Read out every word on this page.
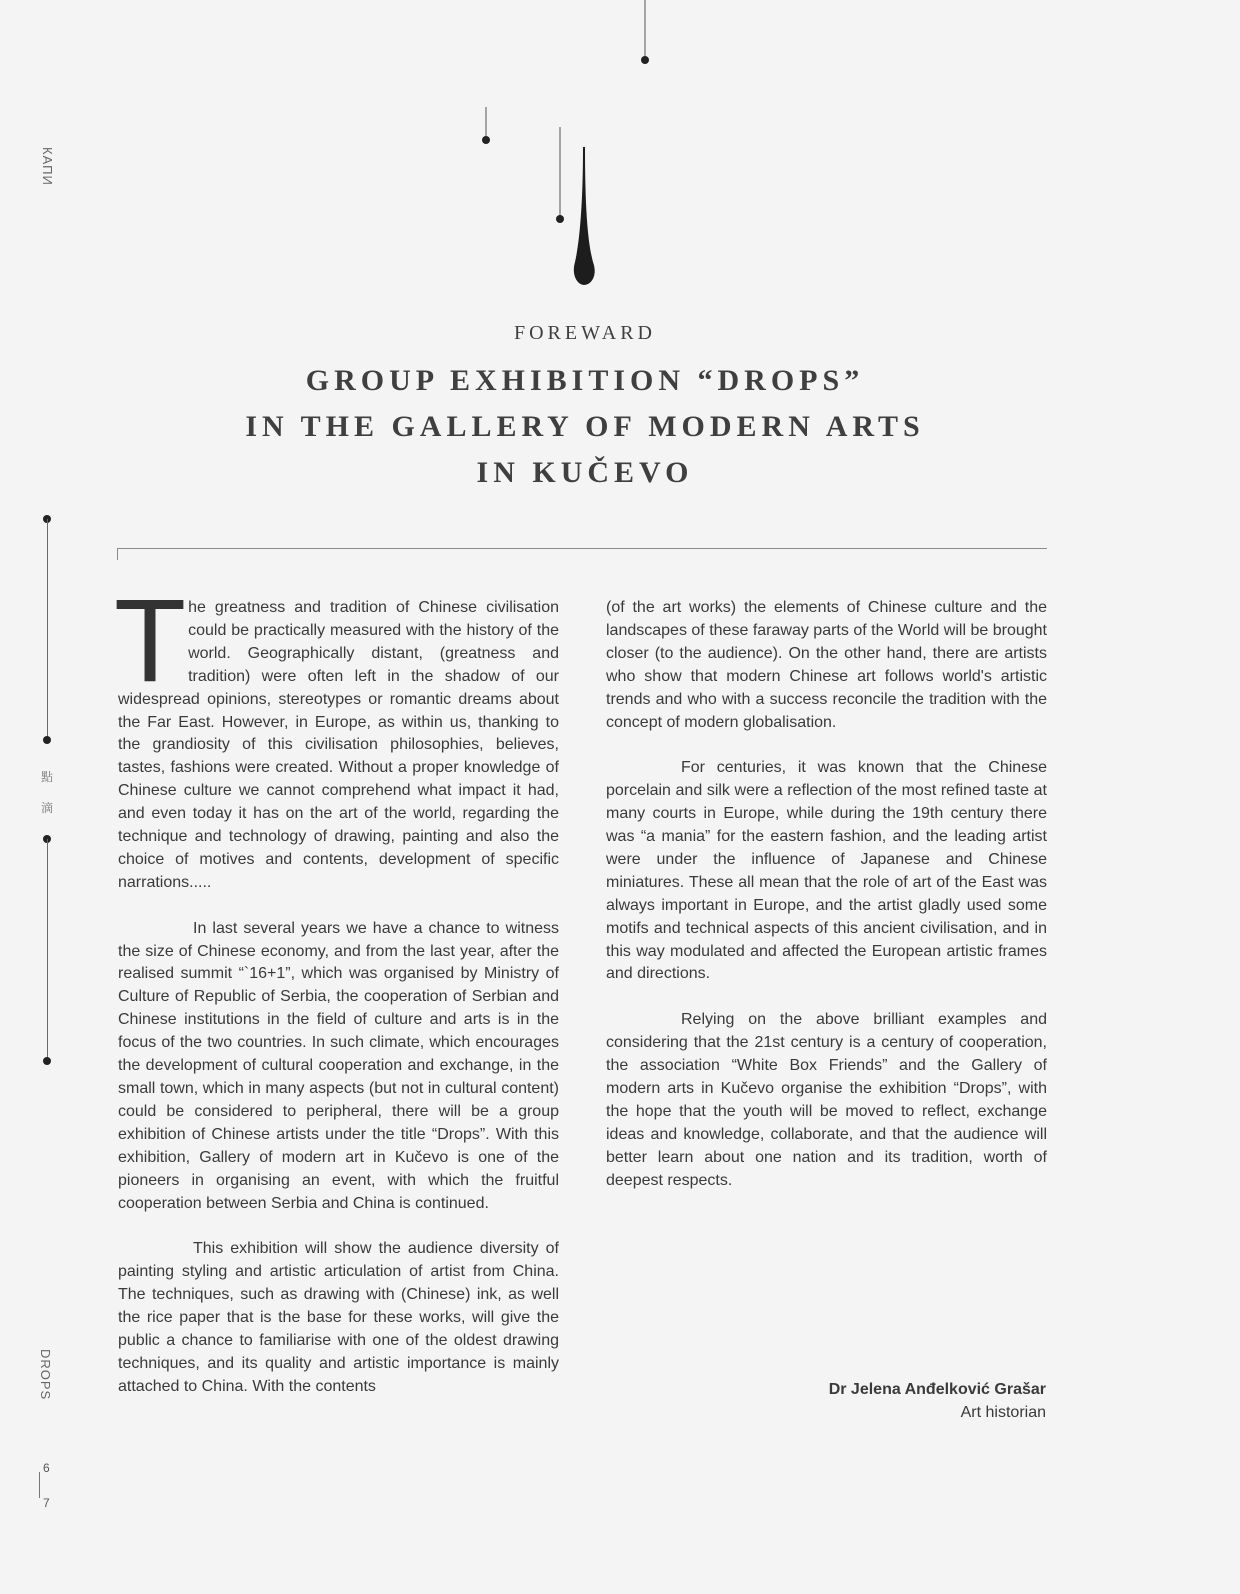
КАПИ
點
滴
DROPS
6
7
FOREWARD
GROUP EXHIBITION “DROPS”
IN THE GALLERY OF MODERN ARTS
IN KUČEVO

The greatness and tradition of Chinese civilisation could be practically measured with the history of the world. Geographically distant, (greatness and tradition) were often left in the shadow of our widespread opinions, stereotypes or romantic dreams about the Far East. However, in Europe, as within us, thanking to the grandiosity of this civilisation philosophies, believes, tastes, fashions were created. Without a proper knowledge of Chinese culture we cannot comprehend what impact it had, and even today it has on the art of the world, regarding the technique and technology of drawing, painting and also the choice of motives and contents, development of specific narrations.....

In last several years we have a chance to witness the size of Chinese economy, and from the last year, after the realised summit “`16+1”, which was organised by Ministry of Culture of Republic of Serbia, the cooperation of Serbian and Chinese institutions in the field of culture and arts is in the focus of the two countries. In such climate, which encourages the development of cultural cooperation and exchange, in the small town, which in many aspects (but not in cultural content) could be considered to peripheral, there will be a group exhibition of Chinese artists under the title “Drops”. With this exhibition, Gallery of modern art in Kučevo is one of the pioneers in organising an event, with which the fruitful cooperation between Serbia and China is continued.

This exhibition will show the audience diversity of painting styling and artistic articulation of artist from China. The techniques, such as drawing with (Chinese) ink, as well the rice paper that is the base for these works, will give the public a chance to familiarise with one of the oldest drawing techniques, and its quality and artistic importance is mainly attached to China. With the contents

(of the art works) the elements of Chinese culture and the landscapes of these faraway parts of the World will be brought closer (to the audience). On the other hand, there are artists who show that modern Chinese art follows world's artistic trends and who with a success reconcile the tradition with the concept of modern globalisation.

For centuries, it was known that the Chinese porcelain and silk were a reflection of the most refined taste at many courts in Europe, while during the 19th century there was “a mania” for the eastern fashion, and the leading artist were under the influence of Japanese and Chinese miniatures. These all mean that the role of art of the East was always important in Europe, and the artist gladly used some motifs and technical aspects of this ancient civilisation, and in this way modulated and affected the European artistic frames and directions.

Relying on the above brilliant examples and considering that the 21st century is a century of cooperation, the association “White Box Friends” and the Gallery of modern arts in Kučevo organise the exhibition “Drops”, with the hope that the youth will be moved to reflect, exchange ideas and knowledge, collaborate, and that the audience will better learn about one nation and its tradition, worth of deepest respects.

Dr Jelena Anđelković Grašar
Art historian
